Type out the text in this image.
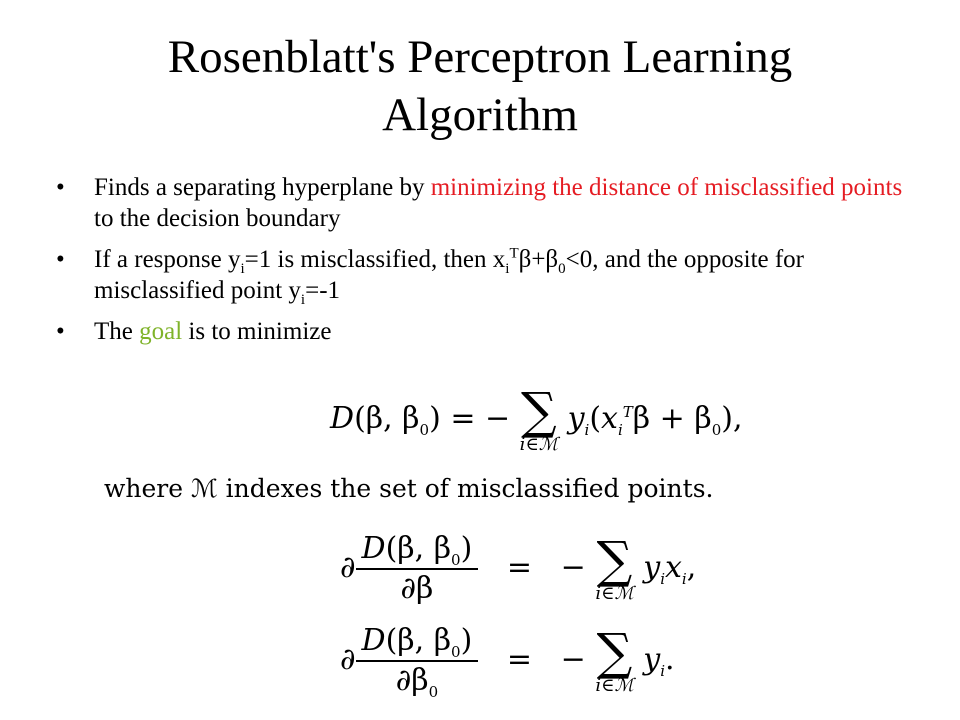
Rosenblatt's Perceptron Learning Algorithm
• Finds a separating hyperplane by minimizing the distance of misclassified points to the decision boundary
• If a response $y_i=1$ is misclassified, then $x_i^T\beta+\beta_0<0$, and the opposite for misclassified point $y_i=-1$
• The goal is to minimize
D(β, $\beta_0$) = − ∑
i∈ℳ
$y_i(x_i^T\beta + \beta_0)$,
where ℳ indexes the set of misclassified points.
∂ $\frac{D(\beta, \beta_0)}{\partial\beta}$ =   − ∑
i∈ℳ
$y_ix_i$,
∂ $\frac{D(\beta, \beta_0)}{\partial\beta_0}$ =   − ∑
i∈ℳ
$y_i$.
